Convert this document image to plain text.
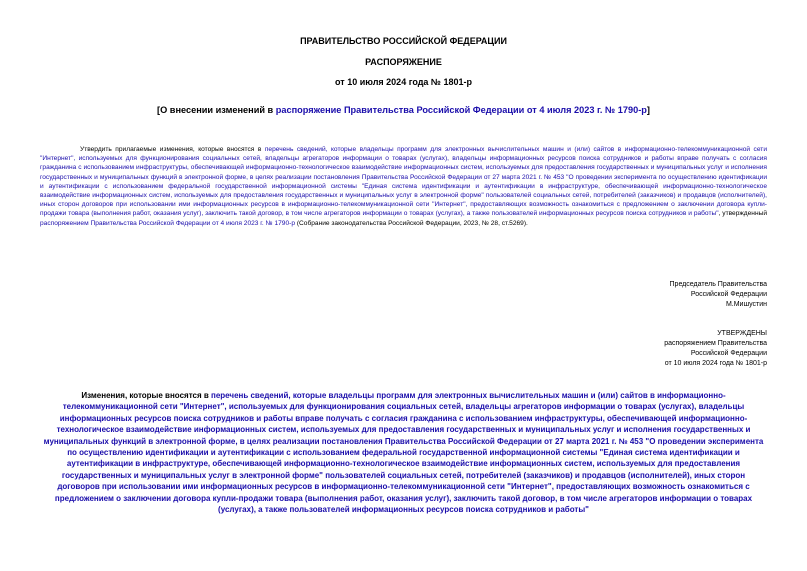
ПРАВИТЕЛЬСТВО РОССИЙСКОЙ ФЕДЕРАЦИИ
РАСПОРЯЖЕНИЕ
от 10 июля 2024 года № 1801-р
[О внесении изменений в распоряжение Правительства Российской Федерации от 4 июля 2023 г. № 1790-р]
Утвердить прилагаемые изменения, которые вносятся в перечень сведений, которые владельцы программ для электронных вычислительных машин и (или) сайтов в информационно-телекоммуникационной сети "Интернет", используемых для функционирования социальных сетей, владельцы агрегаторов информации о товарах (услугах), владельцы информационных ресурсов поиска сотрудников и работы вправе получать с согласия гражданина с использованием инфраструктуры, обеспечивающей информационно-технологическое взаимодействие информационных систем, используемых для предоставления государственных и муниципальных услуг и исполнения государственных и муниципальных функций в электронной форме, в целях реализации постановления Правительства Российской Федерации от 27 марта 2021 г. № 453 "О проведении эксперимента по осуществлению идентификации и аутентификации с использованием федеральной государственной информационной системы "Единая система идентификации и аутентификации в инфраструктуре, обеспечивающей информационно-технологическое взаимодействие информационных систем, используемых для предоставления государственных и муниципальных услуг в электронной форме" пользователей социальных сетей, потребителей (заказчиков) и продавцов (исполнителей), иных сторон договоров при использовании ими информационных ресурсов в информационно-телекоммуникационной сети "Интернет", предоставляющих возможность ознакомиться с предложением о заключении договора купли-продажи товара (выполнения работ, оказания услуг), заключить такой договор, в том числе агрегаторов информации о товарах (услугах), а также пользователей информационных ресурсов поиска сотрудников и работы", утвержденный распоряжением Правительства Российской Федерации от 4 июля 2023 г. № 1790-р (Собрание законодательства Российской Федерации, 2023, № 28, ст.5269).
Председатель Правительства
Российской Федерации
М.Мишустин
УТВЕРЖДЕНЫ
распоряжением Правительства
Российской Федерации
от 10 июля 2024 года № 1801-р
Изменения, которые вносятся в перечень сведений, которые владельцы программ для электронных вычислительных машин и (или) сайтов в информационно-телекоммуникационной сети "Интернет", используемых для функционирования социальных сетей, владельцы агрегаторов информации о товарах (услугах), владельцы информационных ресурсов поиска сотрудников и работы вправе получать с согласия гражданина с использованием инфраструктуры, обеспечивающей информационно-технологическое взаимодействие информационных систем, используемых для предоставления государственных и муниципальных услуг и исполнения государственных и муниципальных функций в электронной форме, в целях реализации постановления Правительства Российской Федерации от 27 марта 2021 г. № 453 "О проведении эксперимента по осуществлению идентификации и аутентификации с использованием федеральной государственной информационной системы "Единая система идентификации и аутентификации в инфраструктуре, обеспечивающей информационно-технологическое взаимодействие информационных систем, используемых для предоставления государственных и муниципальных услуг в электронной форме" пользователей социальных сетей, потребителей (заказчиков) и продавцов (исполнителей), иных сторон договоров при использовании ими информационных ресурсов в информационно-телекоммуникационной сети "Интернет", предоставляющих возможность ознакомиться с предложением о заключении договора купли-продажи товара (выполнения работ, оказания услуг), заключить такой договор, в том числе агрегаторов информации о товарах (услугах), а также пользователей информационных ресурсов поиска сотрудников и работы"
